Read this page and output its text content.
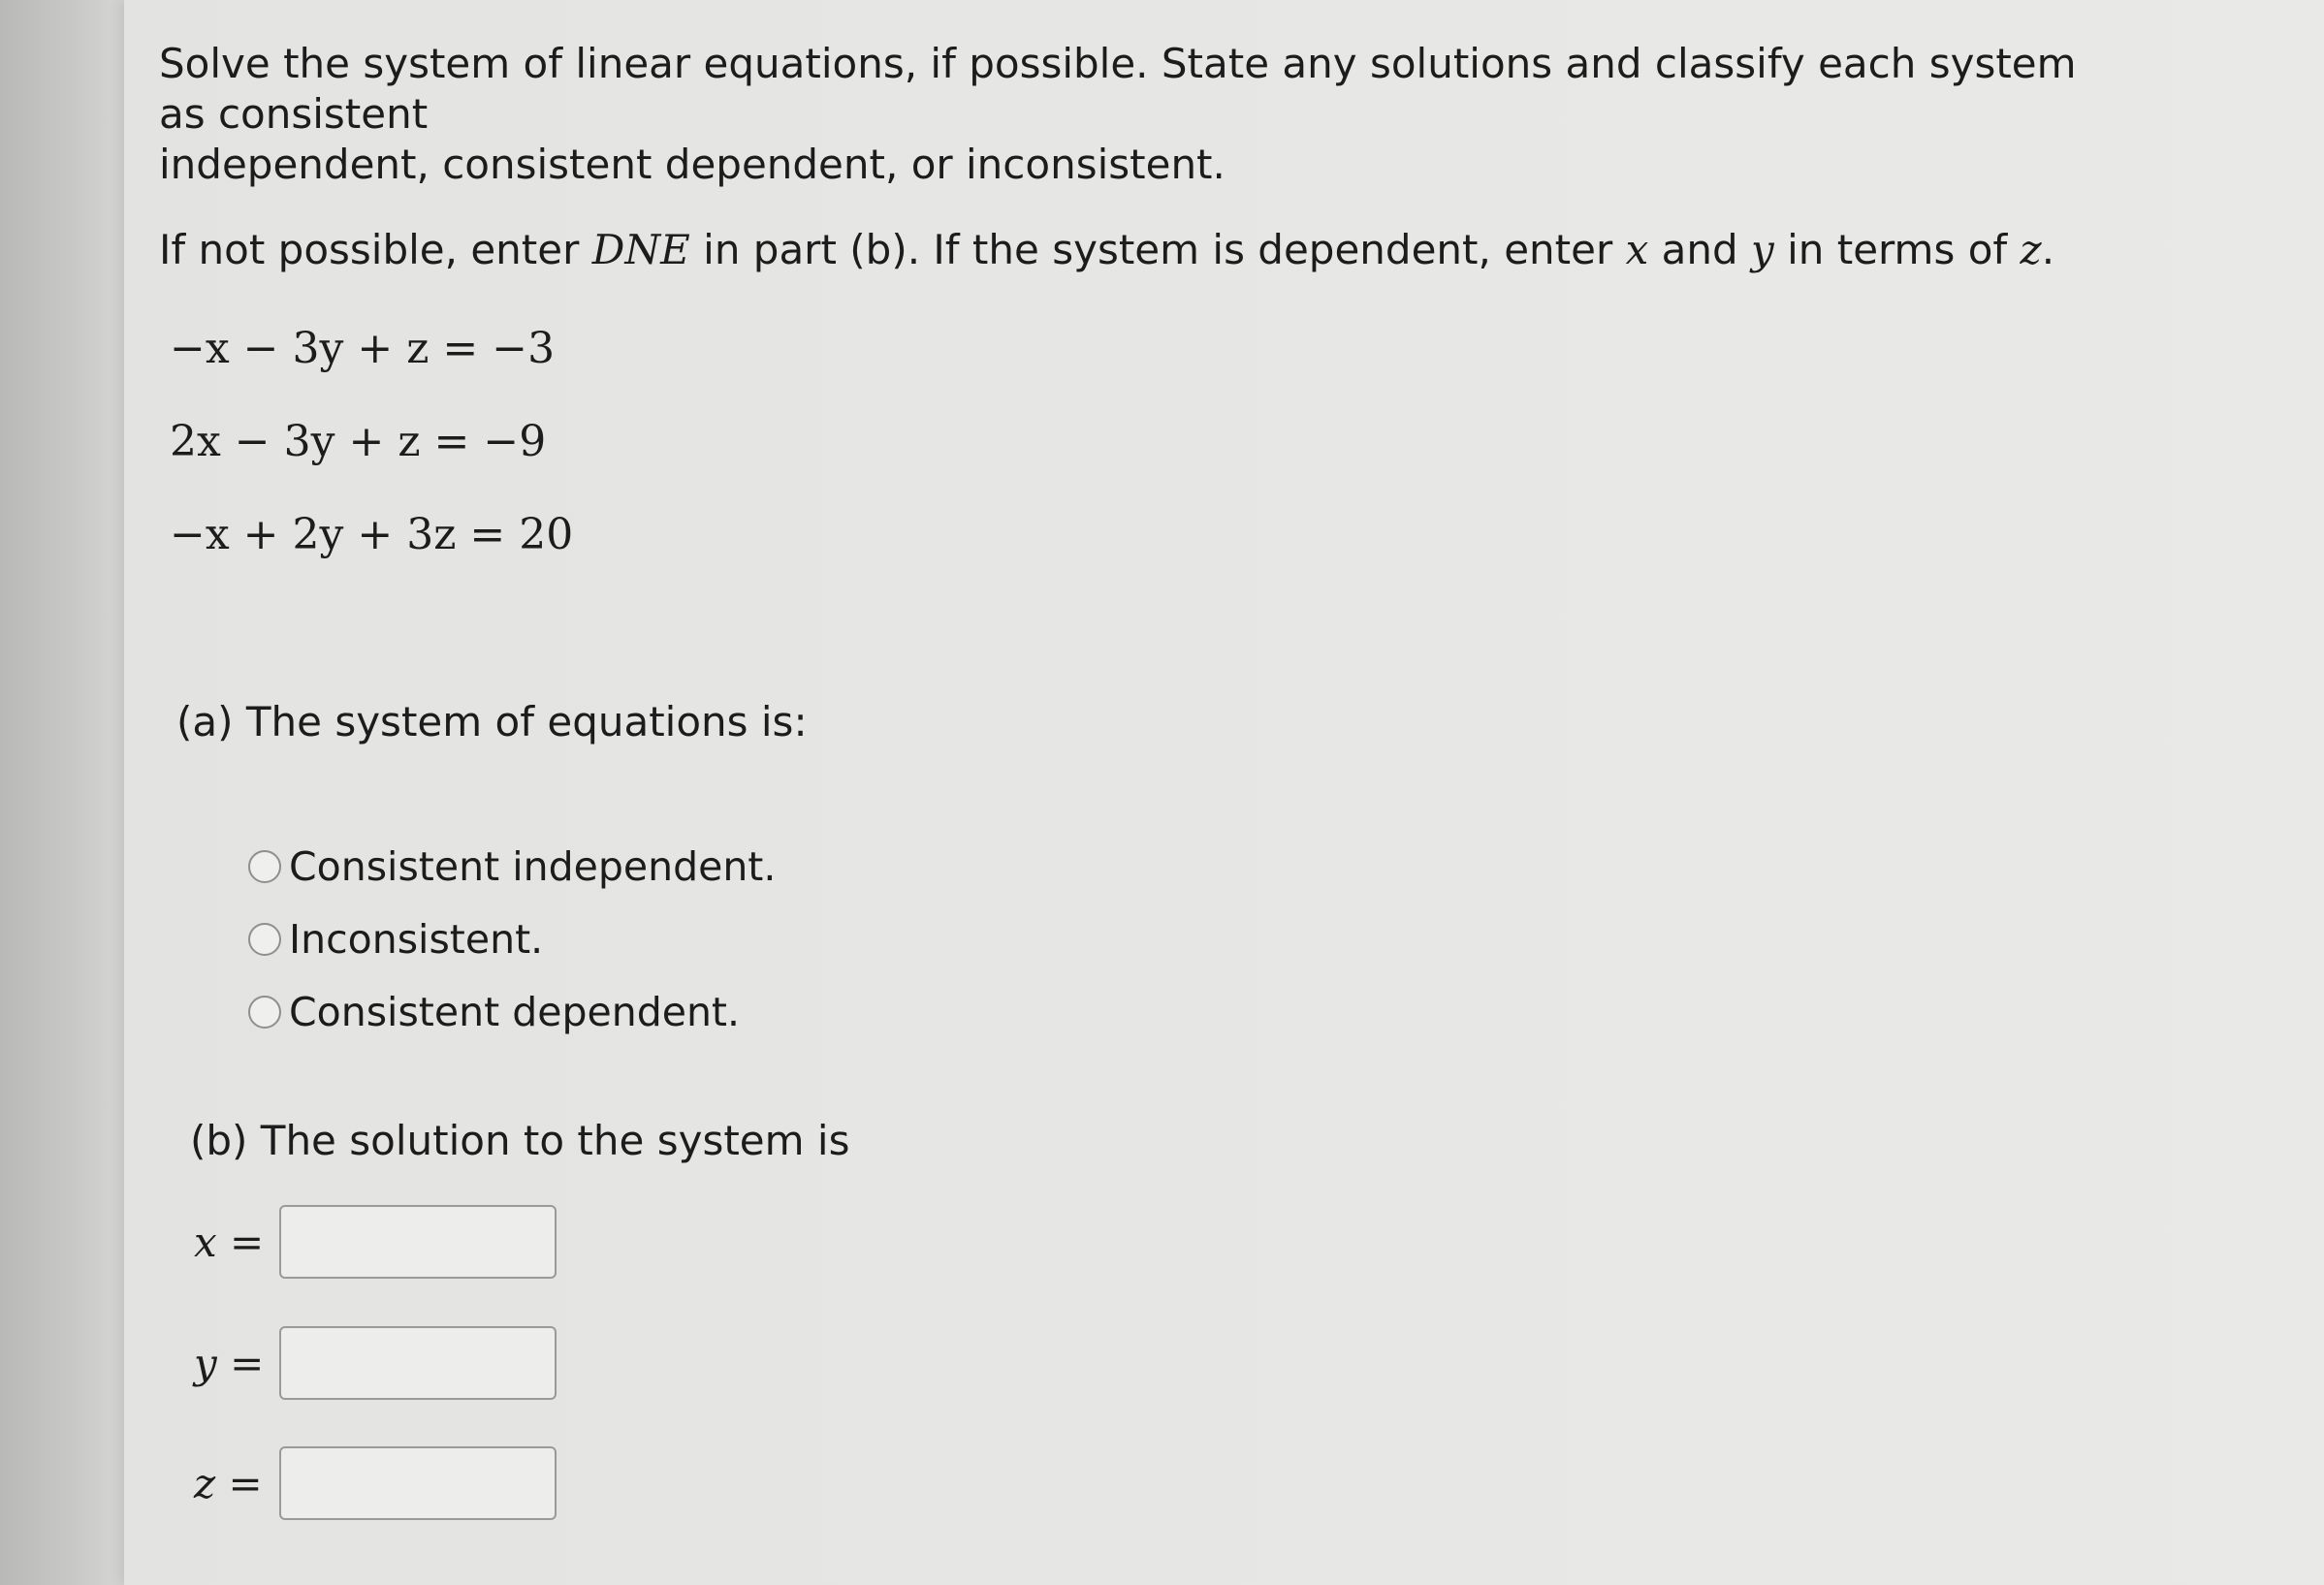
Solve the system of linear equations, if possible. State any solutions and classify each system as consistent
independent, consistent dependent, or inconsistent.

If not possible, enter DNE in part (b). If the system is dependent, enter x and y in terms of z.

−x − 3y + z = −3
2x − 3y + z = −9
−x + 2y + 3z = 20
(a) The system of equations is:
Consistent independent.
Inconsistent.
Consistent dependent.
(b) The solution to the system is
x =
y =
z =
